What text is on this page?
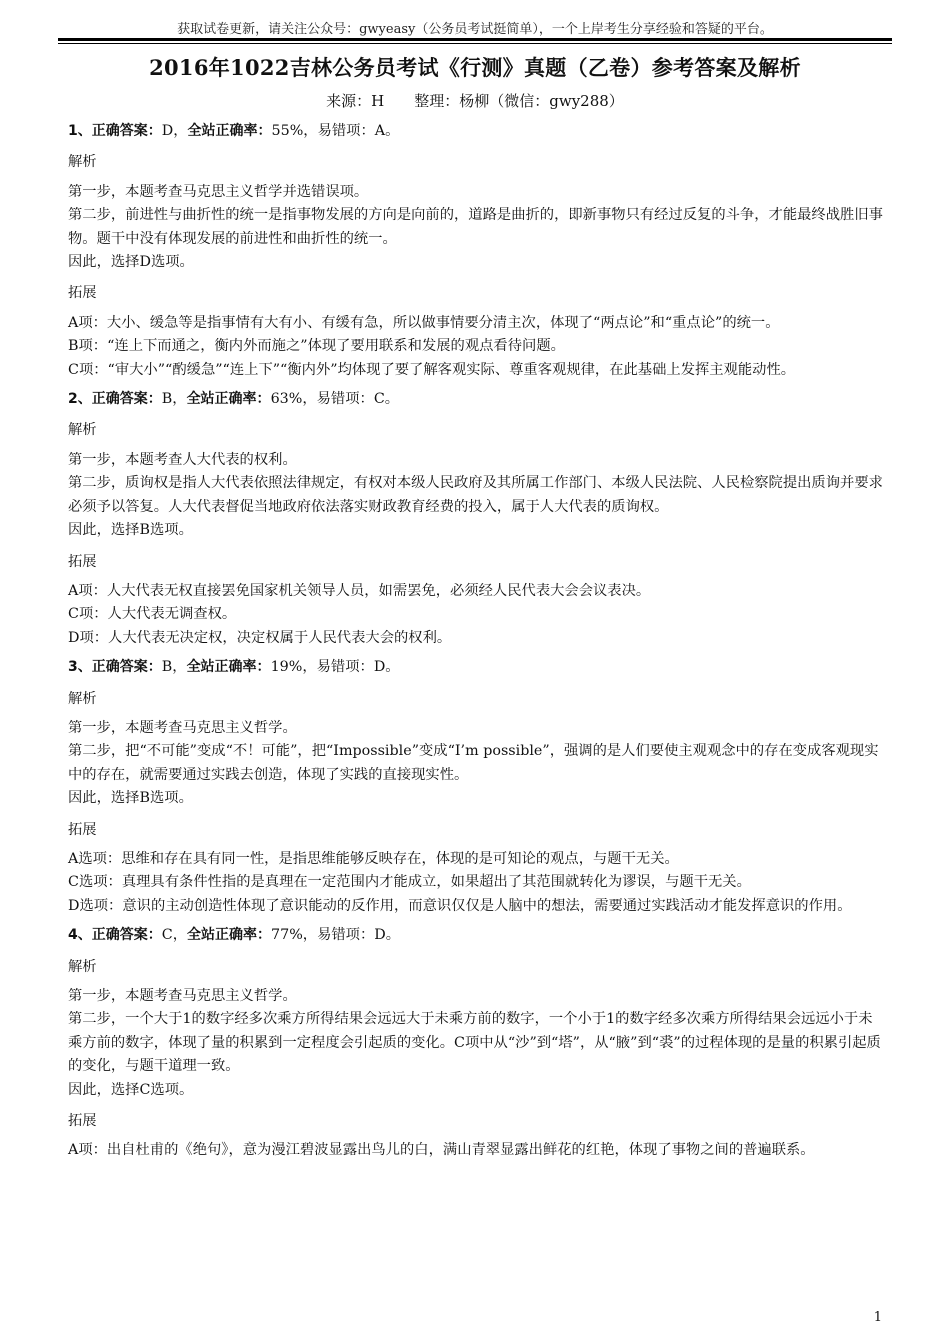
获取试卷更新，请关注公众号：gwyeasy（公务员考试挺简单），一个上岸考生分享经验和答疑的平台。
2016年1022吉林公务员考试《行测》真题（乙卷）参考答案及解析
来源：H 整理：杨柳（微信：gwy288）
1、正确答案：D，全站正确率：55%，易错项：A。
解析

第一步，本题考查马克思主义哲学并选错误项。

第二步，前进性与曲折性的统一是指事物发展的方向是向前的，道路是曲折的，即新事物只有经过反复的斗争，才能最终战胜旧事物。题干中没有体现发展的前进性和曲折性的统一。

因此，选择D选项。

拓展

A项：大小、缓急等是指事情有大有小、有缓有急，所以做事情要分清主次，体现了“两点论”和“重点论”的统一。

B项：“连上下而通之，衡内外而施之”体现了要用联系和发展的观点看待问题。

C项：“审大小”“酌缓急”“连上下”“衡内外”均体现了要了解客观实际、尊重客观规律，在此基础上发挥主观能动性。

2、正确答案：B，全站正确率：63%，易错项：C。
解析

第一步，本题考查人大代表的权利。

第二步，质询权是指人大代表依照法律规定，有权对本级人民政府及其所属工作部门、本级人民法院、人民检察院提出质询并要求必须予以答复。人大代表督促当地政府依法落实财政教育经费的投入，属于人大代表的质询权。

因此，选择B选项。

拓展

A项：人大代表无权直接罢免国家机关领导人员，如需罢免，必须经人民代表大会会议表决。

C项：人大代表无调查权。

D项：人大代表无决定权，决定权属于人民代表大会的权利。

3、正确答案：B，全站正确率：19%，易错项：D。
解析

第一步，本题考查马克思主义哲学。

第二步，把“不可能”变成“不！可能”，把“Impossible”变成“I’m possible”，强调的是人们要使主观观念中的存在变成客观现实中的存在，就需要通过实践去创造，体现了实践的直接现实性。

因此，选择B选项。

拓展

A选项：思维和存在具有同一性，是指思维能够反映存在，体现的是可知论的观点，与题干无关。

C选项：真理具有条件性指的是真理在一定范围内才能成立，如果超出了其范围就转化为谬误，与题干无关。

D选项：意识的主动创造性体现了意识能动的反作用，而意识仅仅是人脑中的想法，需要通过实践活动才能发挥意识的作用。

4、正确答案：C，全站正确率：77%，易错项：D。
解析

第一步，本题考查马克思主义哲学。

第二步，一个大于1的数字经多次乘方所得结果会远远大于未乘方前的数字，一个小于1的数字经多次乘方所得结果会远远小于未乘方前的数字，体现了量的积累到一定程度会引起质的变化。C项中从“沙”到“塔”，从“腋”到“裘”的过程体现的是量的积累引起质的变化，与题干道理一致。

因此，选择C选项。

拓展

A项：出自杜甫的《绝句》，意为漫江碧波显露出鸟儿的白，满山青翠显露出鲜花的红艳，体现了事物之间的普遍联系。

1
